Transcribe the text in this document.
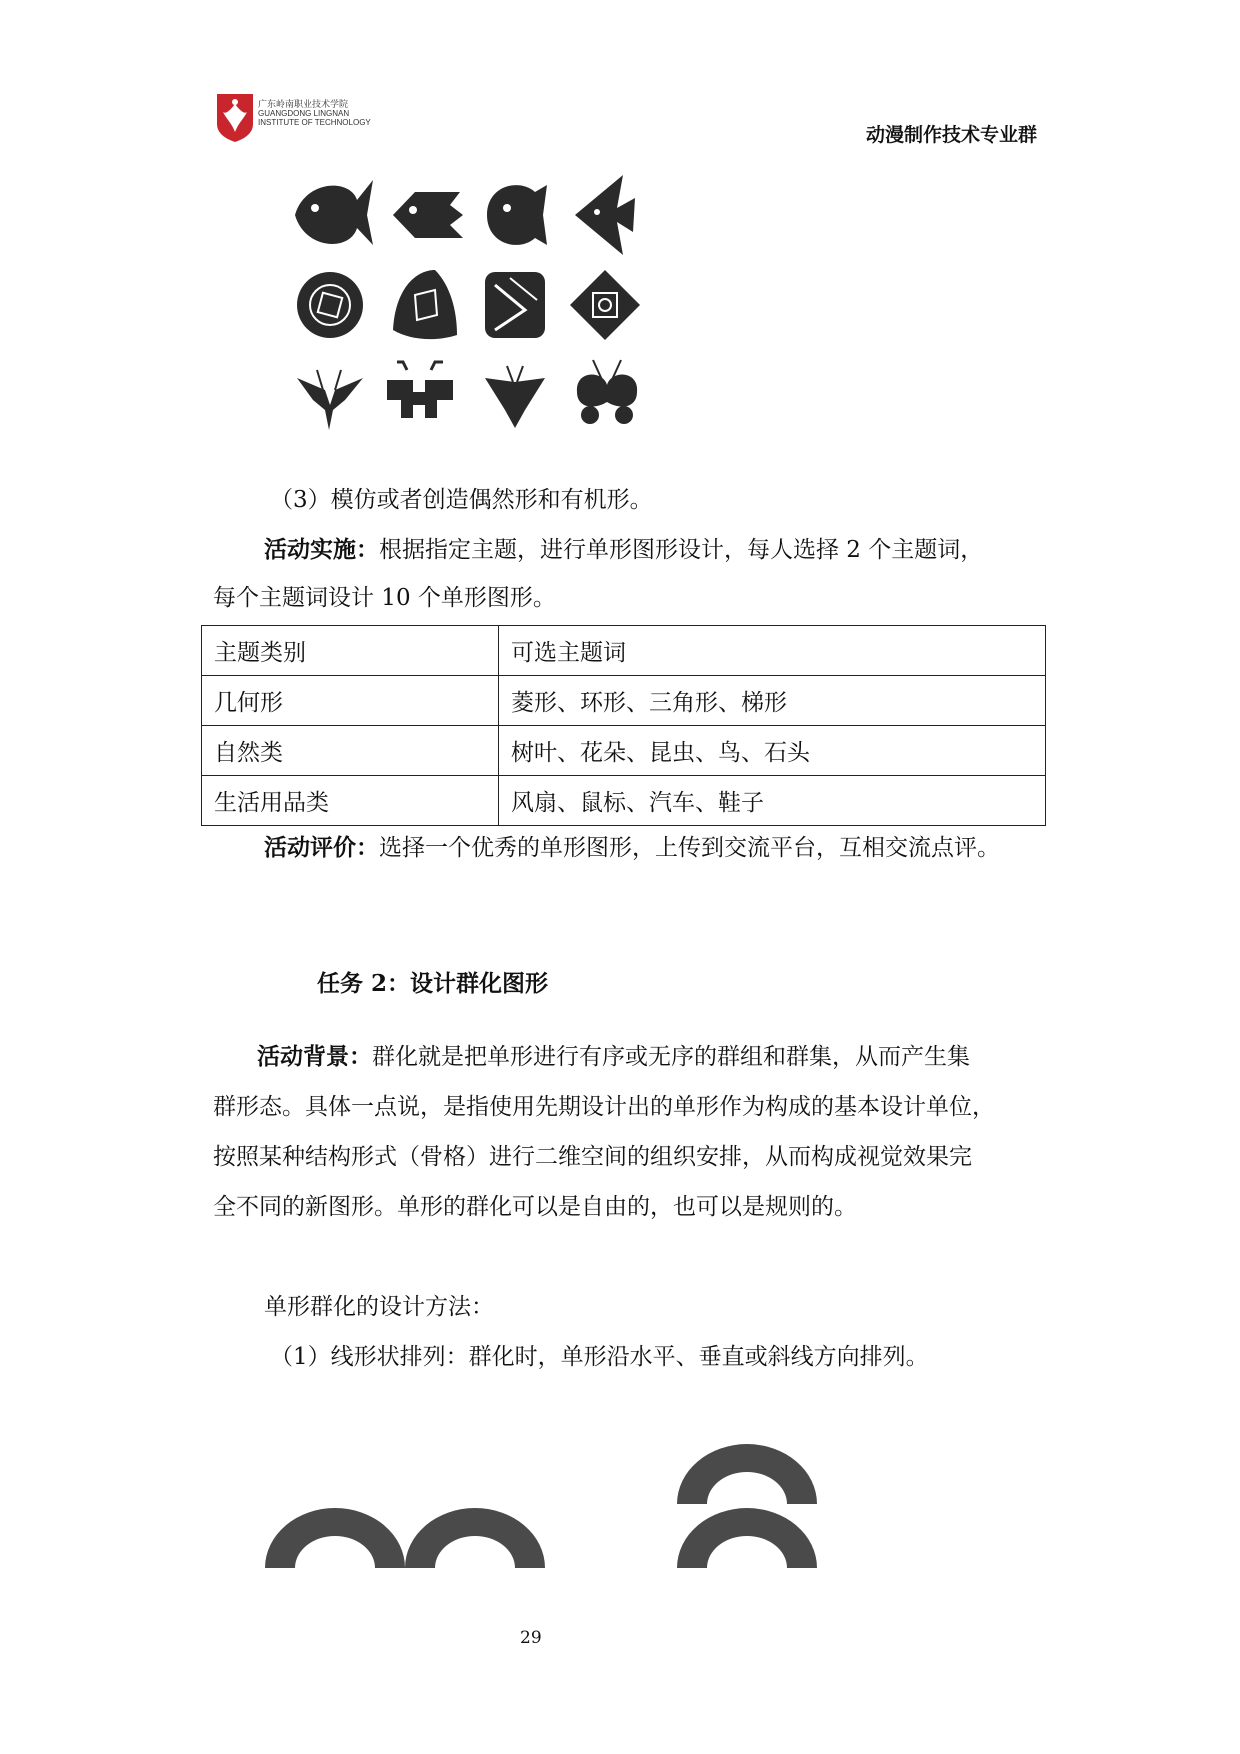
广东岭南职业技术学院
GUANGDONG LINGNAN
INSTITUTE OF TECHNOLOGY
动漫制作技术专业群
（3）模仿或者创造偶然形和有机形。
活动实施：根据指定主题，进行单形图形设计，每人选择 2 个主题词，
每个主题词设计 10 个单形图形。
主题类别	可选主题词
几何形	菱形、环形、三角形、梯形
自然类	树叶、花朵、昆虫、鸟、石头
生活用品类	风扇、鼠标、汽车、鞋子
活动评价：选择一个优秀的单形图形，上传到交流平台，互相交流点评。
任务 2：设计群化图形
活动背景：群化就是把单形进行有序或无序的群组和群集，从而产生集
群形态。具体一点说，是指使用先期设计出的单形作为构成的基本设计单位，
按照某种结构形式（骨格）进行二维空间的组织安排，从而构成视觉效果完
全不同的新图形。单形的群化可以是自由的，也可以是规则的。
单形群化的设计方法：
（1）线形状排列：群化时，单形沿水平、垂直或斜线方向排列。
29
